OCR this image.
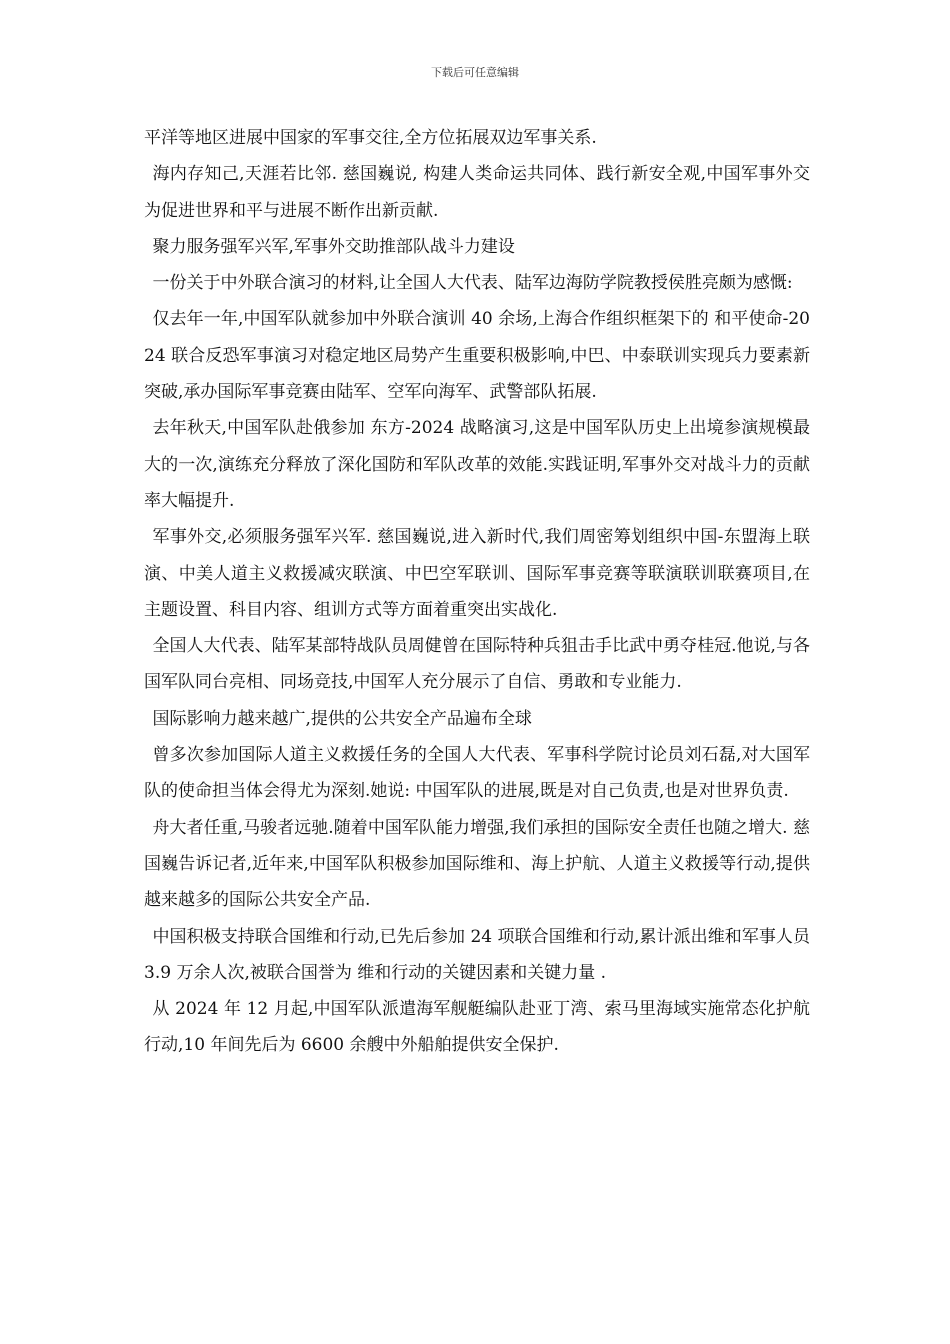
下载后可任意编辑

平洋等地区进展中国家的军事交往,全方位拓展双边军事关系.

海内存知己,天涯若比邻. 慈国巍说, 构建人类命运共同体、践行新安全观,中国军事外交为促进世界和平与进展不断作出新贡献.

聚力服务强军兴军,军事外交助推部队战斗力建设

一份关于中外联合演习的材料,让全国人大代表、陆军边海防学院教授侯胜亮颇为感慨:

仅去年一年,中国军队就参加中外联合演训 40 余场,上海合作组织框架下的 和平使命-2024 联合反恐军事演习对稳定地区局势产生重要积极影响,中巴、中泰联训实现兵力要素新突破,承办国际军事竞赛由陆军、空军向海军、武警部队拓展.

去年秋天,中国军队赴俄参加 东方-2024 战略演习,这是中国军队历史上出境参演规模最大的一次,演练充分释放了深化国防和军队改革的效能.实践证明,军事外交对战斗力的贡献率大幅提升.

军事外交,必须服务强军兴军. 慈国巍说,进入新时代,我们周密筹划组织中国-东盟海上联演、中美人道主义救援减灾联演、中巴空军联训、国际军事竞赛等联演联训联赛项目,在主题设置、科目内容、组训方式等方面着重突出实战化.

全国人大代表、陆军某部特战队员周健曾在国际特种兵狙击手比武中勇夺桂冠.他说,与各国军队同台亮相、同场竞技,中国军人充分展示了自信、勇敢和专业能力.

国际影响力越来越广,提供的公共安全产品遍布全球

曾多次参加国际人道主义救援任务的全国人大代表、军事科学院讨论员刘石磊,对大国军队的使命担当体会得尤为深刻.她说: 中国军队的进展,既是对自己负责,也是对世界负责.

舟大者任重,马骏者远驰.随着中国军队能力增强,我们承担的国际安全责任也随之增大. 慈国巍告诉记者,近年来,中国军队积极参加国际维和、海上护航、人道主义救援等行动,提供越来越多的国际公共安全产品.

中国积极支持联合国维和行动,已先后参加 24 项联合国维和行动,累计派出维和军事人员 3.9 万余人次,被联合国誉为 维和行动的关键因素和关键力量 .

从 2024 年 12 月起,中国军队派遣海军舰艇编队赴亚丁湾、索马里海域实施常态化护航行动,10 年间先后为 6600 余艘中外船舶提供安全保护.
